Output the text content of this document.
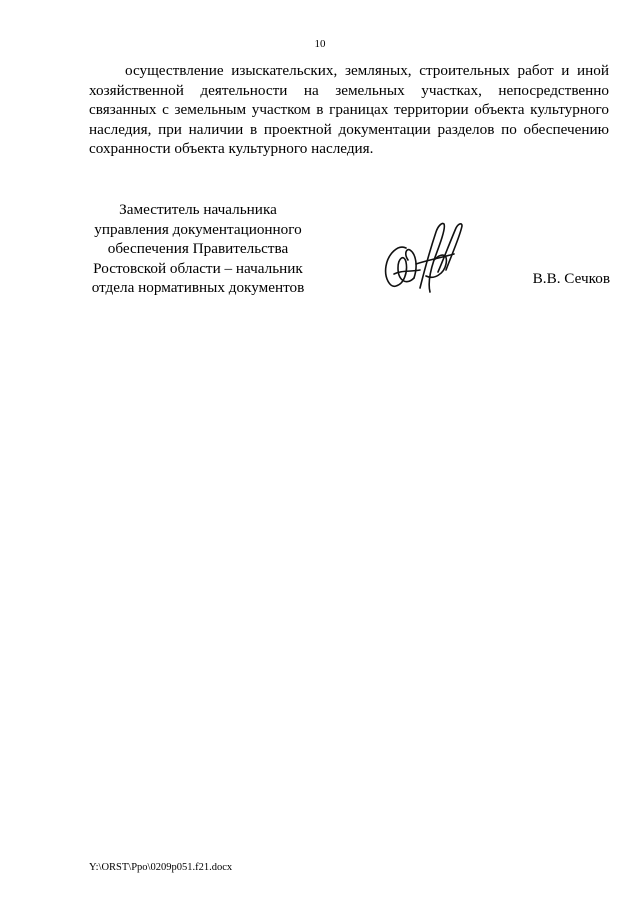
10
осуществление изыскательских, земляных, строительных работ и иной
хозяйственной деятельности на земельных участках, непосредственно
связанных с земельным участком в границах территории объекта культурного
наследия, при наличии в проектной документации разделов по обеспечению
сохранности объекта культурного наследия.
Заместитель начальника
управления документационного
обеспечения Правительства
Ростовской области – начальник
отдела нормативных документов
В.В. Сечков
Y:\ORST\Ppo\0209p051.f21.docx
